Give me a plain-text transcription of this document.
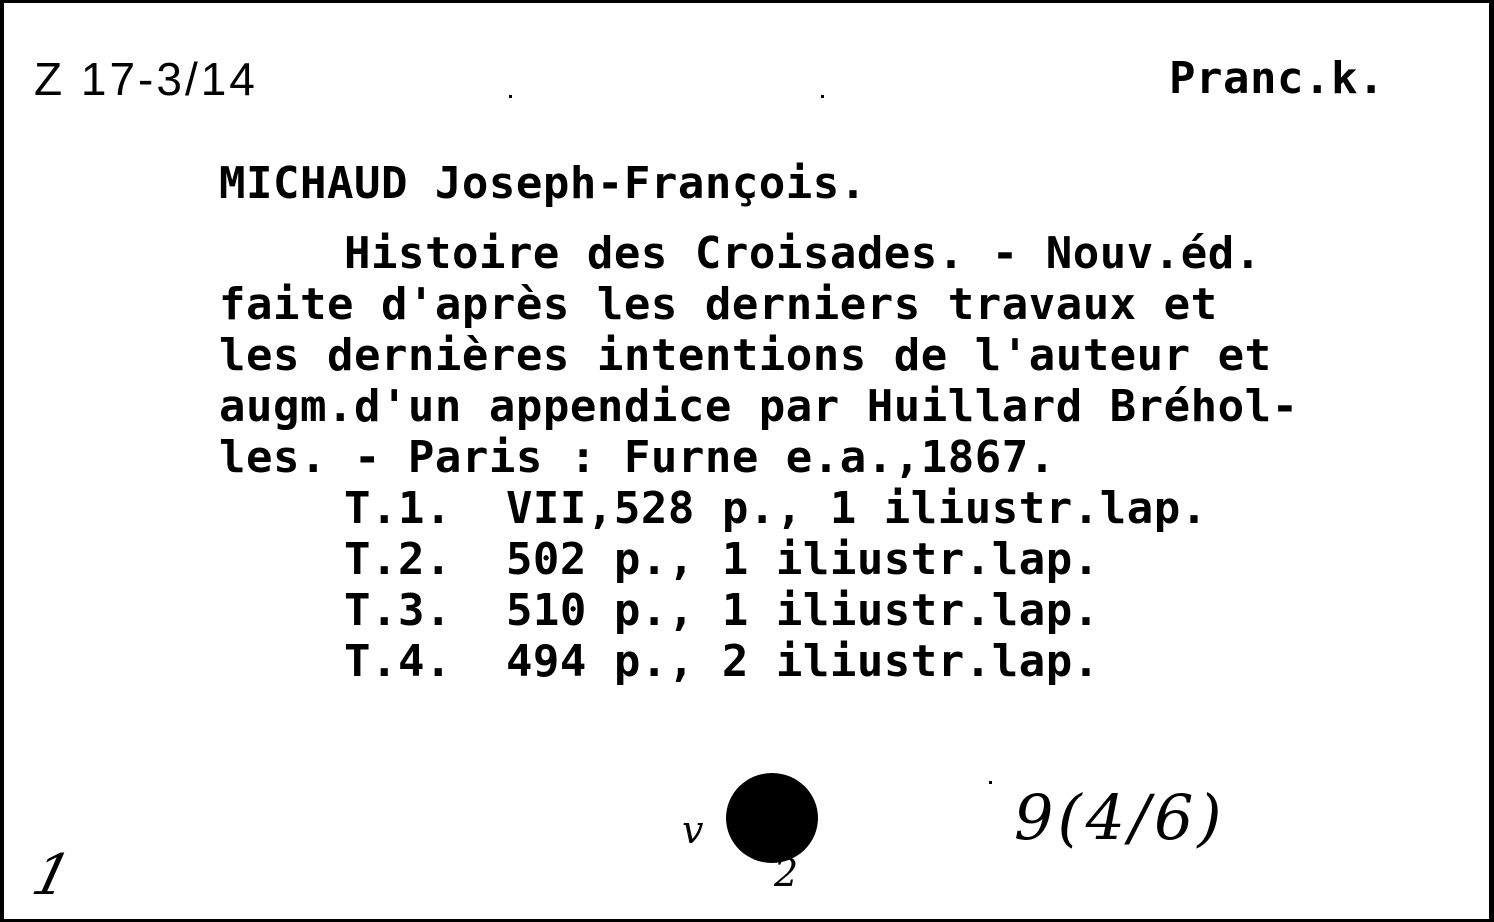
Z 17-3/14	Pranc.k.
MICHAUD Joseph-François.
Histoire des Croisades. - Nouv.éd.
faite d'après les derniers travaux et
les dernières intentions de l'auteur et
augm.d'un appendice par Huillard Bréhol-
les. - Paris : Furne e.a.,1867.
T.1.  VII,528 p., 1 iliustr.lap.
T.2.  502 p., 1 iliustr.lap.
T.3.  510 p., 1 iliustr.lap.
T.4.  494 p., 2 iliustr.lap.
1
v
2
9(4/6)
